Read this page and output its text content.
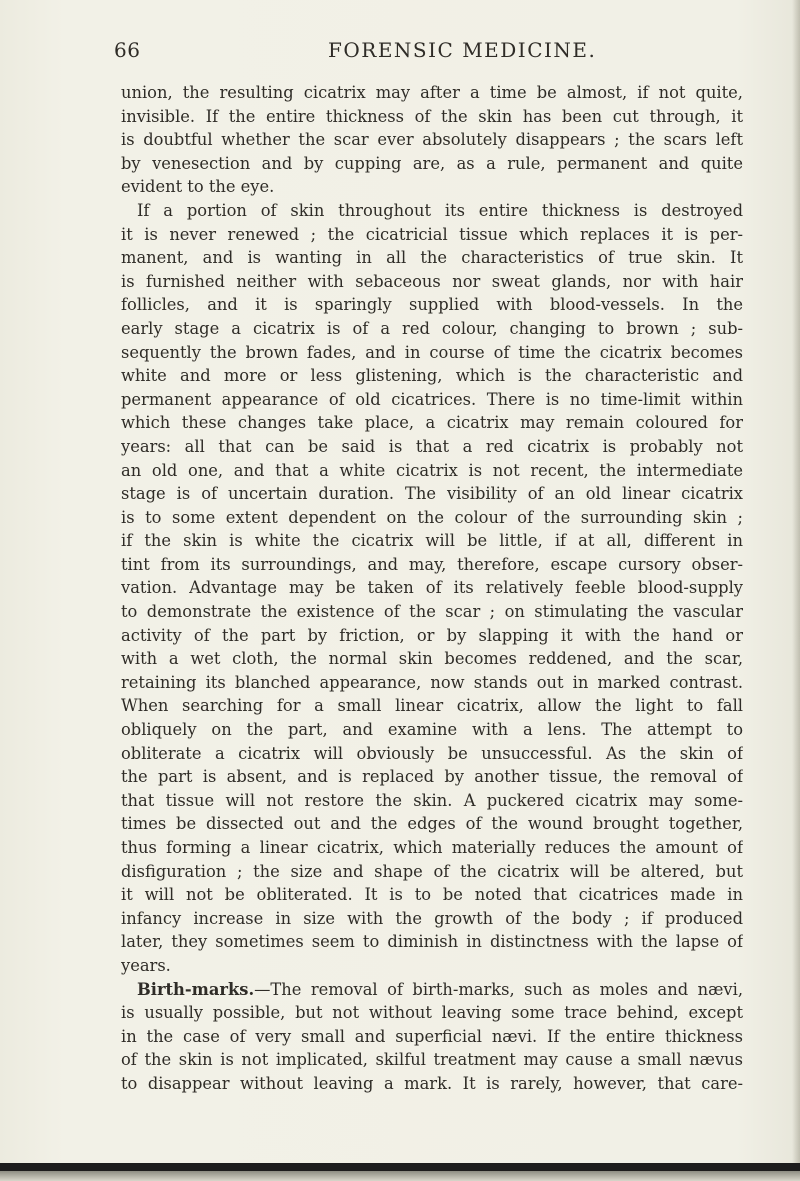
66	FORENSIC MEDICINE.
union, the resulting cicatrix may after a time be almost, if not quite,
invisible. If the entire thickness of the skin has been cut through, it
is doubtful whether the scar ever absolutely disappears ; the scars left
by venesection and by cupping are, as a rule, permanent and quite
evident to the eye.
If a portion of skin throughout its entire thickness is destroyed
it is never renewed ; the cicatricial tissue which replaces it is per-
manent, and is wanting in all the characteristics of true skin. It
is furnished neither with sebaceous nor sweat glands, nor with hair
follicles, and it is sparingly supplied with blood-vessels. In the
early stage a cicatrix is of a red colour, changing to brown ; sub-
sequently the brown fades, and in course of time the cicatrix becomes
white and more or less glistening, which is the characteristic and
permanent appearance of old cicatrices. There is no time-limit within
which these changes take place, a cicatrix may remain coloured for
years: all that can be said is that a red cicatrix is probably not
an old one, and that a white cicatrix is not recent, the intermediate
stage is of uncertain duration. The visibility of an old linear cicatrix
is to some extent dependent on the colour of the surrounding skin ;
if the skin is white the cicatrix will be little, if at all, different in
tint from its surroundings, and may, therefore, escape cursory obser-
vation. Advantage may be taken of its relatively feeble blood-supply
to demonstrate the existence of the scar ; on stimulating the vascular
activity of the part by friction, or by slapping it with the hand or
with a wet cloth, the normal skin becomes reddened, and the scar,
retaining its blanched appearance, now stands out in marked contrast.
When searching for a small linear cicatrix, allow the light to fall
obliquely on the part, and examine with a lens. The attempt to
obliterate a cicatrix will obviously be unsuccessful. As the skin of
the part is absent, and is replaced by another tissue, the removal of
that tissue will not restore the skin. A puckered cicatrix may some-
times be dissected out and the edges of the wound brought together,
thus forming a linear cicatrix, which materially reduces the amount of
disfiguration ; the size and shape of the cicatrix will be altered, but
it will not be obliterated. It is to be noted that cicatrices made in
infancy increase in size with the growth of the body ; if produced
later, they sometimes seem to diminish in distinctness with the lapse of
years.
Birth-marks.—The removal of birth-marks, such as moles and nævi,
is usually possible, but not without leaving some trace behind, except
in the case of very small and superficial nævi. If the entire thickness
of the skin is not implicated, skilful treatment may cause a small nævus
to disappear without leaving a mark. It is rarely, however, that care-
